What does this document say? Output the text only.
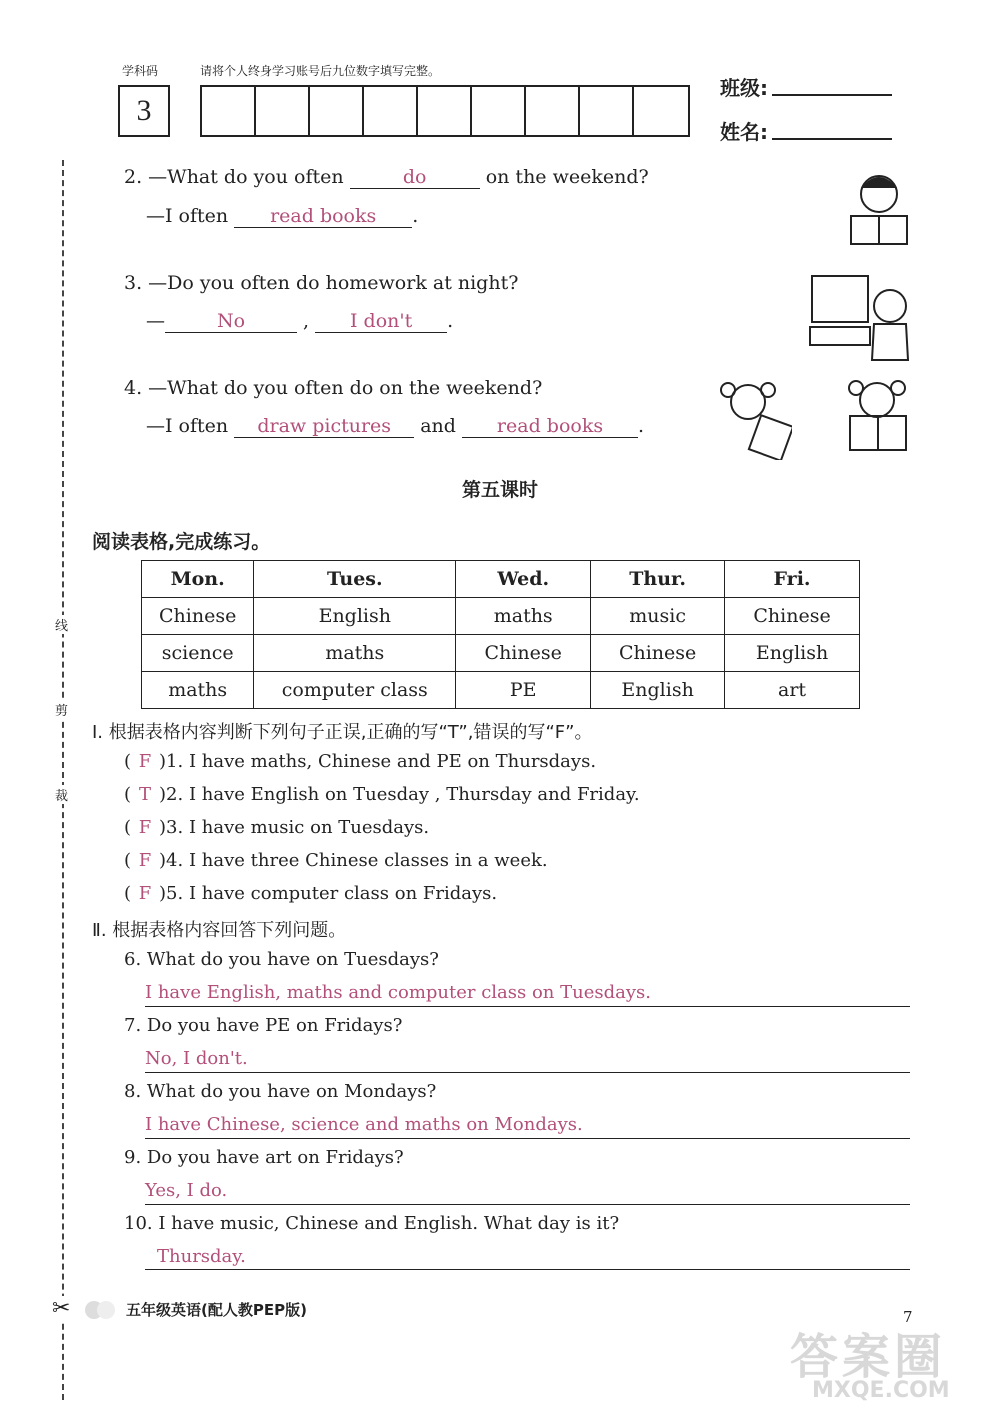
学科码	请将个人终身学习账号后九位数字填写完整。
3
班级:
姓名:
线
剪
裁
✂
2. —What do you often	do	on the weekend?
—I often read books .
3. —Do you often do homework at night?
—	No	, I don't .
4. —What do you often do on the weekend?
—I often draw pictures and read books .
第五课时
阅读表格,完成练习。
Mon.	Tues.	Wed.	Thur.	Fri.
Chinese	English	maths	music	Chinese
science	maths	Chinese	Chinese	English
maths	computer class	PE	English	art
Ⅰ. 根据表格内容判断下列句子正误,正确的写“T”,错误的写“F”。
( F )1. I have maths, Chinese and PE on Thursdays.
( T )2. I have English on Tuesday , Thursday and Friday.
( F )3. I have music on Tuesdays.
( F )4. I have three Chinese classes in a week.
( F )5. I have computer class on Fridays.
Ⅱ. 根据表格内容回答下列问题。
6. What do you have on Tuesdays?
I have English, maths and computer class on Tuesdays.
7. Do you have PE on Fridays?
No, I don't.
8. What do you have on Mondays?
I have Chinese, science and maths on Mondays.
9. Do you have art on Fridays?
Yes, I do.
10. I have music, Chinese and English. What day is it?
Thursday.
五年级英语(配人教PEP版)	7
答案圈
MXQE.COM
